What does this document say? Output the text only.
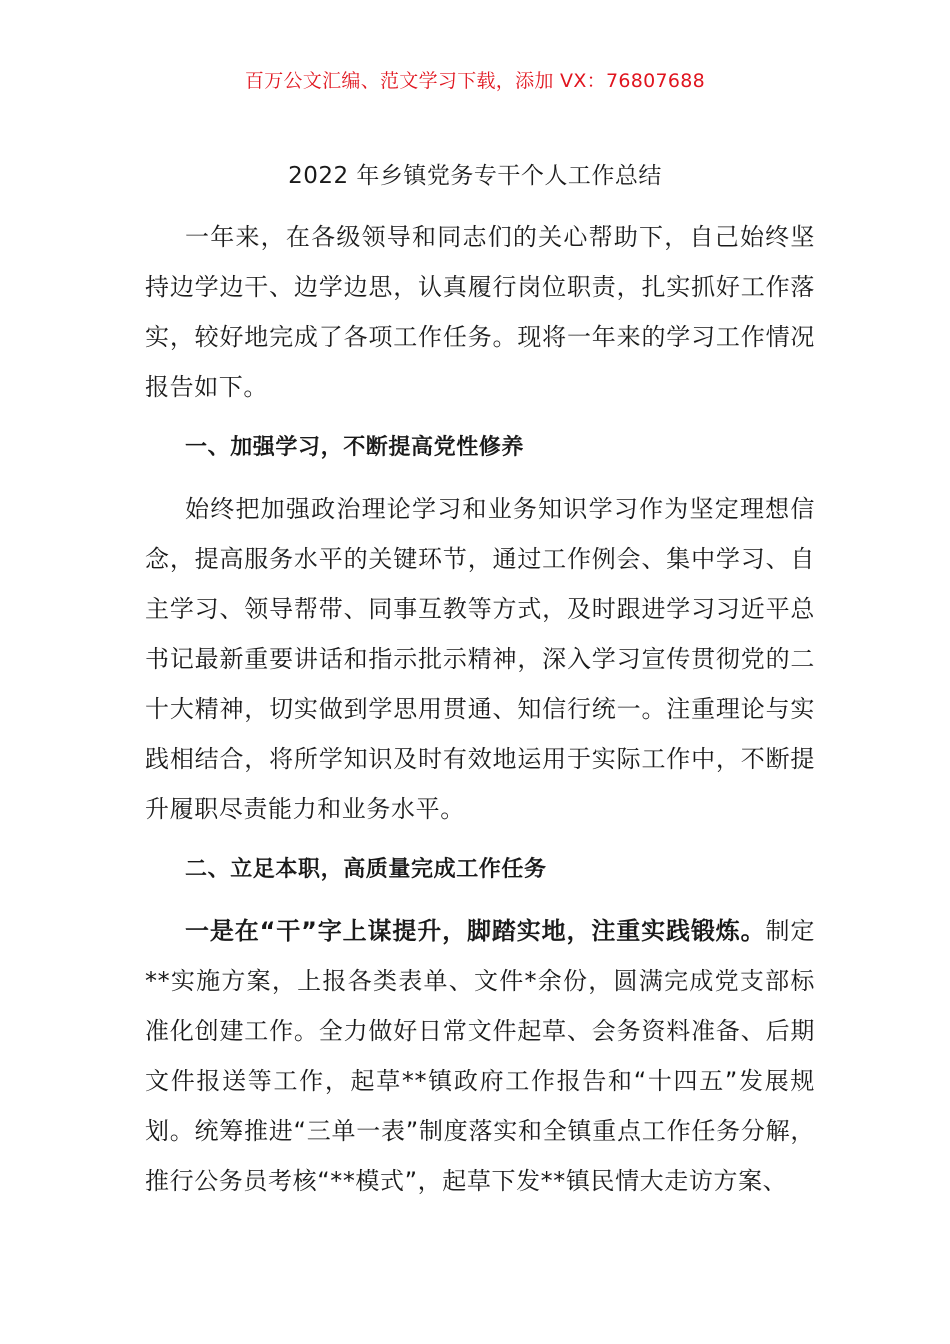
百万公文汇编、范文学习下载，添加 VX：76807688
2022 年乡镇党务专干个人工作总结

一年来，在各级领导和同志们的关心帮助下，自己始终坚持边学边干、边学边思，认真履行岗位职责，扎实抓好工作落实，较好地完成了各项工作任务。现将一年来的学习工作情况报告如下。

一、加强学习，不断提高党性修养

始终把加强政治理论学习和业务知识学习作为坚定理想信念，提高服务水平的关键环节，通过工作例会、集中学习、自主学习、领导帮带、同事互教等方式，及时跟进学习习近平总书记最新重要讲话和指示批示精神，深入学习宣传贯彻党的二十大精神，切实做到学思用贯通、知信行统一。注重理论与实践相结合，将所学知识及时有效地运用于实际工作中，不断提升履职尽责能力和业务水平。

二、立足本职，高质量完成工作任务

一是在“干”字上谋提升，脚踏实地，注重实践锻炼。制定**实施方案，上报各类表单、文件*余份，圆满完成党支部标准化创建工作。全力做好日常文件起草、会务资料准备、后期文件报送等工作，起草**镇政府工作报告和“十四五”发展规划。统筹推进“三单一表”制度落实和全镇重点工作任务分解，推行公务员考核“**模式”，起草下发**镇民情大走访方案、
